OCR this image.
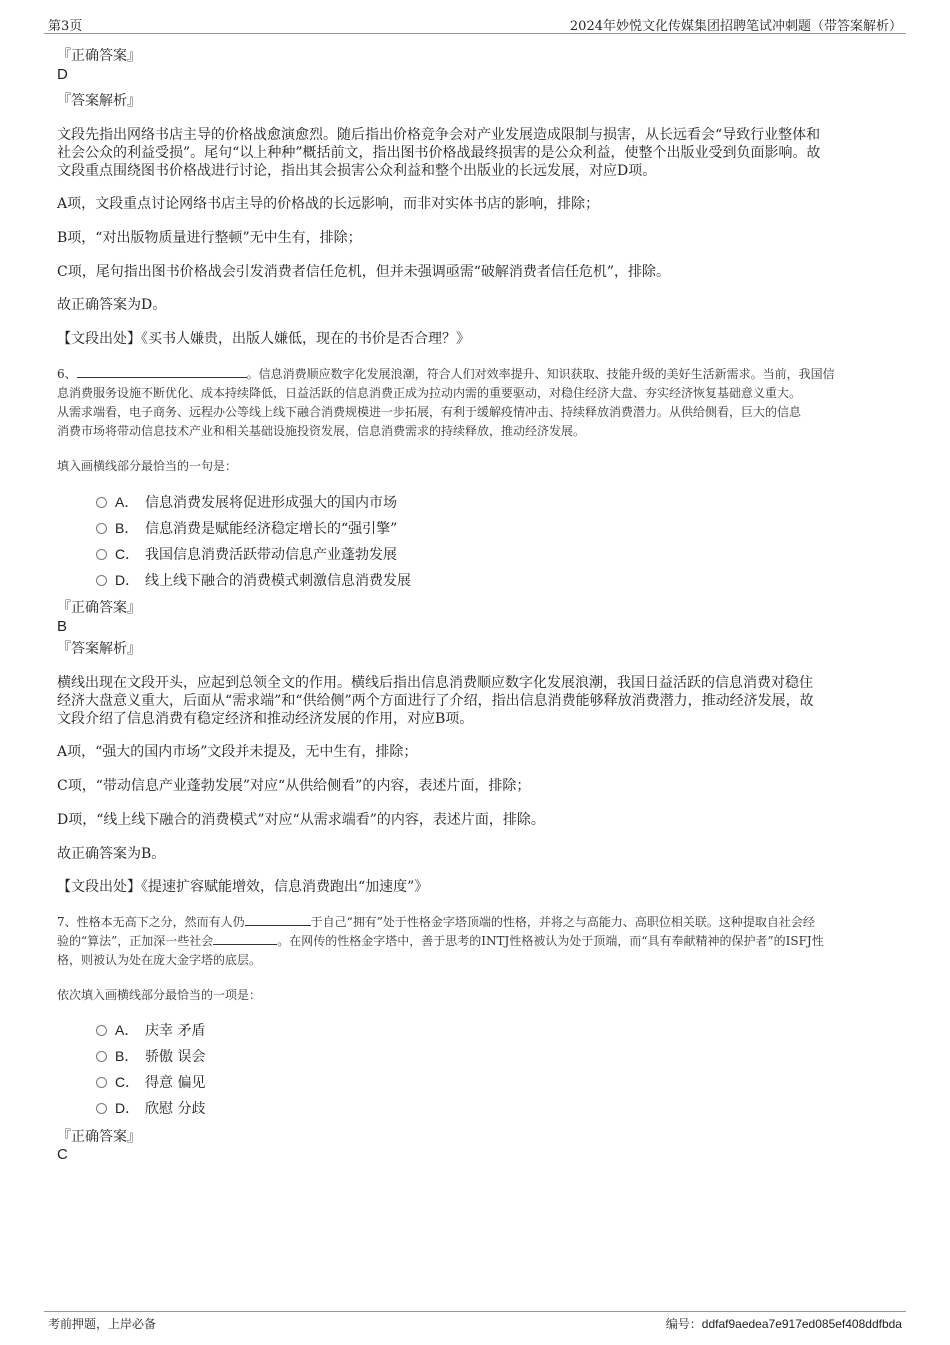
第3页	2024年妙悦文化传媒集团招聘笔试冲刺题（带答案解析）
『正确答案』
D
『答案解析』
文段先指出网络书店主导的价格战愈演愈烈。随后指出价格竞争会对产业发展造成限制与损害，从长远看会“导致行业整体和
社会公众的利益受损”。尾句“以上种种”概括前文，指出图书价格战最终损害的是公众利益，使整个出版业受到负面影响。故
文段重点围绕图书价格战进行讨论，指出其会损害公众利益和整个出版业的长远发展，对应D项。
A项，文段重点讨论网络书店主导的价格战的长远影响，而非对实体书店的影响，排除；
B项，“对出版物质量进行整顿”无中生有，排除；
C项，尾句指出图书价格战会引发消费者信任危机，但并未强调亟需“破解消费者信任危机”，排除。
故正确答案为D。
【文段出处】《买书人嫌贵，出版人嫌低，现在的书价是否合理？》
6、	。信息消费顺应数字化发展浪潮，符合人们对效率提升、知识获取、技能升级的美好生活新需求。当前，我国信
息消费服务设施不断优化、成本持续降低，日益活跃的信息消费正成为拉动内需的重要驱动，对稳住经济大盘、夯实经济恢复基础意义重大。
从需求端看，电子商务、远程办公等线上线下融合消费规模进一步拓展，有利于缓解疫情冲击、持续释放消费潜力。从供给侧看，巨大的信息
消费市场将带动信息技术产业和相关基础设施投资发展，信息消费需求的持续释放，推动经济发展。
填入画横线部分最恰当的一句是：
A． 信息消费发展将促进形成强大的国内市场
B． 信息消费是赋能经济稳定增长的“强引擎”
C． 我国信息消费活跃带动信息产业蓬勃发展
D． 线上线下融合的消费模式刺激信息消费发展
『正确答案』
B
『答案解析』
横线出现在文段开头，应起到总领全文的作用。横线后指出信息消费顺应数字化发展浪潮，我国日益活跃的信息消费对稳住
经济大盘意义重大，后面从“需求端”和“供给侧”两个方面进行了介绍，指出信息消费能够释放消费潜力，推动经济发展，故
文段介绍了信息消费有稳定经济和推动经济发展的作用，对应B项。
A项，“强大的国内市场”文段并未提及，无中生有，排除；
C项，“带动信息产业蓬勃发展”对应“从供给侧看”的内容，表述片面，排除；
D项，“线上线下融合的消费模式”对应“从需求端看”的内容，表述片面，排除。
故正确答案为B。
【文段出处】《提速扩容赋能增效，信息消费跑出“加速度”》
7、性格本无高下之分，然而有人仍	于自己“拥有”处于性格金字塔顶端的性格，并将之与高能力、高职位相关联。这种提取自社会经
验的“算法”，正加深一些社会	。在网传的性格金字塔中，善于思考的INTJ性格被认为处于顶端，而“具有奉献精神的保护者”的ISFJ性
格，则被认为处在庞大金字塔的底层。
依次填入画横线部分最恰当的一项是：
A． 庆幸 矛盾
B． 骄傲 误会
C． 得意 偏见
D． 欣慰 分歧
『正确答案』
C
考前押题，上岸必备	编号：ddfaf9aedea7e917ed085ef408ddfbda
